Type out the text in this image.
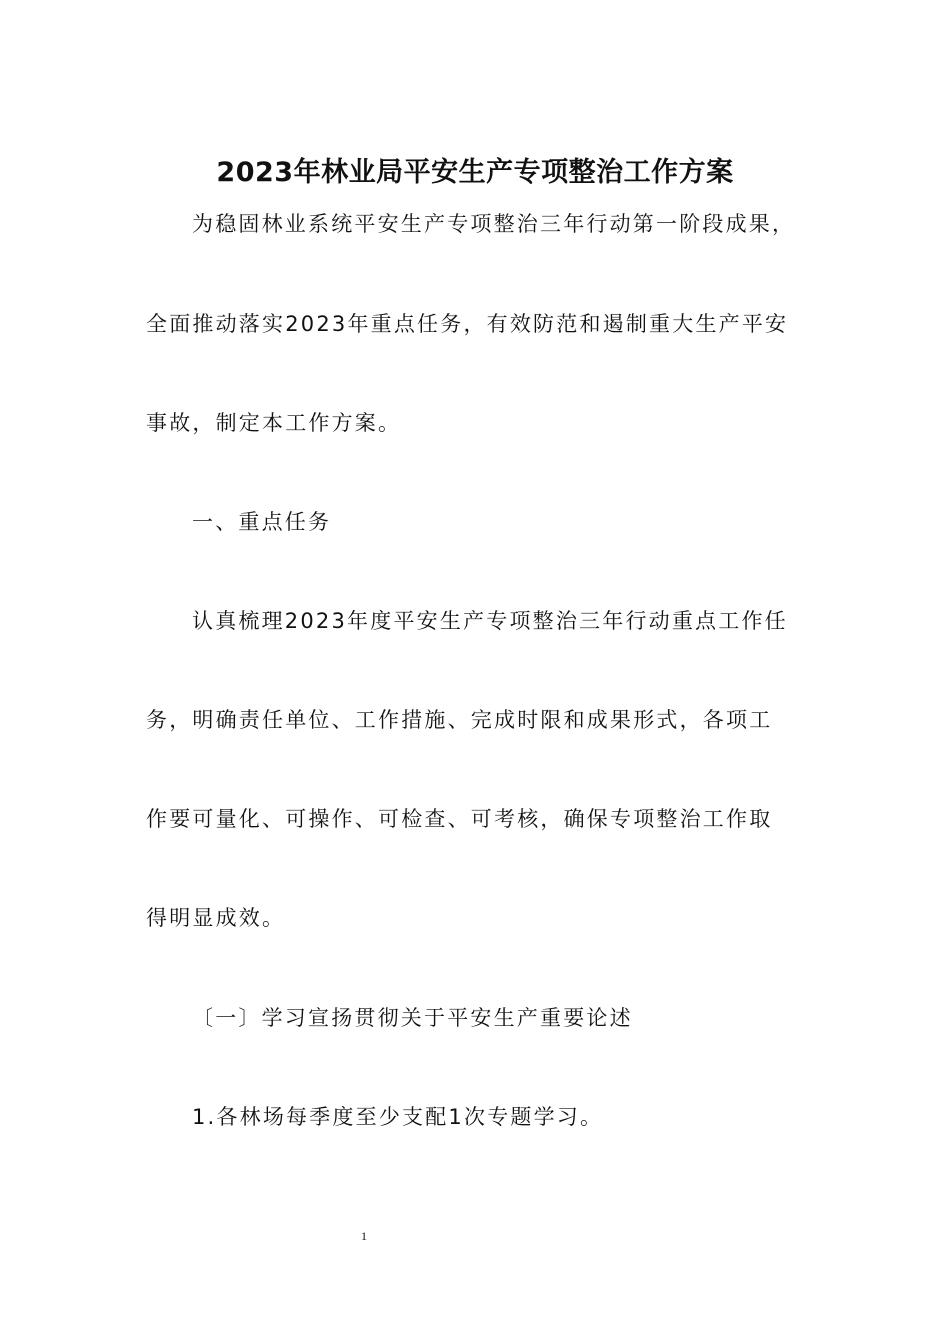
2023年林业局平安生产专项整治工作方案

为稳固林业系统平安生产专项整治三年行动第一阶段成果，

全面推动落实2023年重点任务，有效防范和遏制重大生产平安

事故，制定本工作方案。

一、重点任务

认真梳理2023年度平安生产专项整治三年行动重点工作任

务，明确责任单位、工作措施、完成时限和成果形式，各项工

作要可量化、可操作、可检查、可考核，确保专项整治工作取

得明显成效。

〔一〕学习宣扬贯彻关于平安生产重要论述

1.各林场每季度至少支配1次专题学习。

1
